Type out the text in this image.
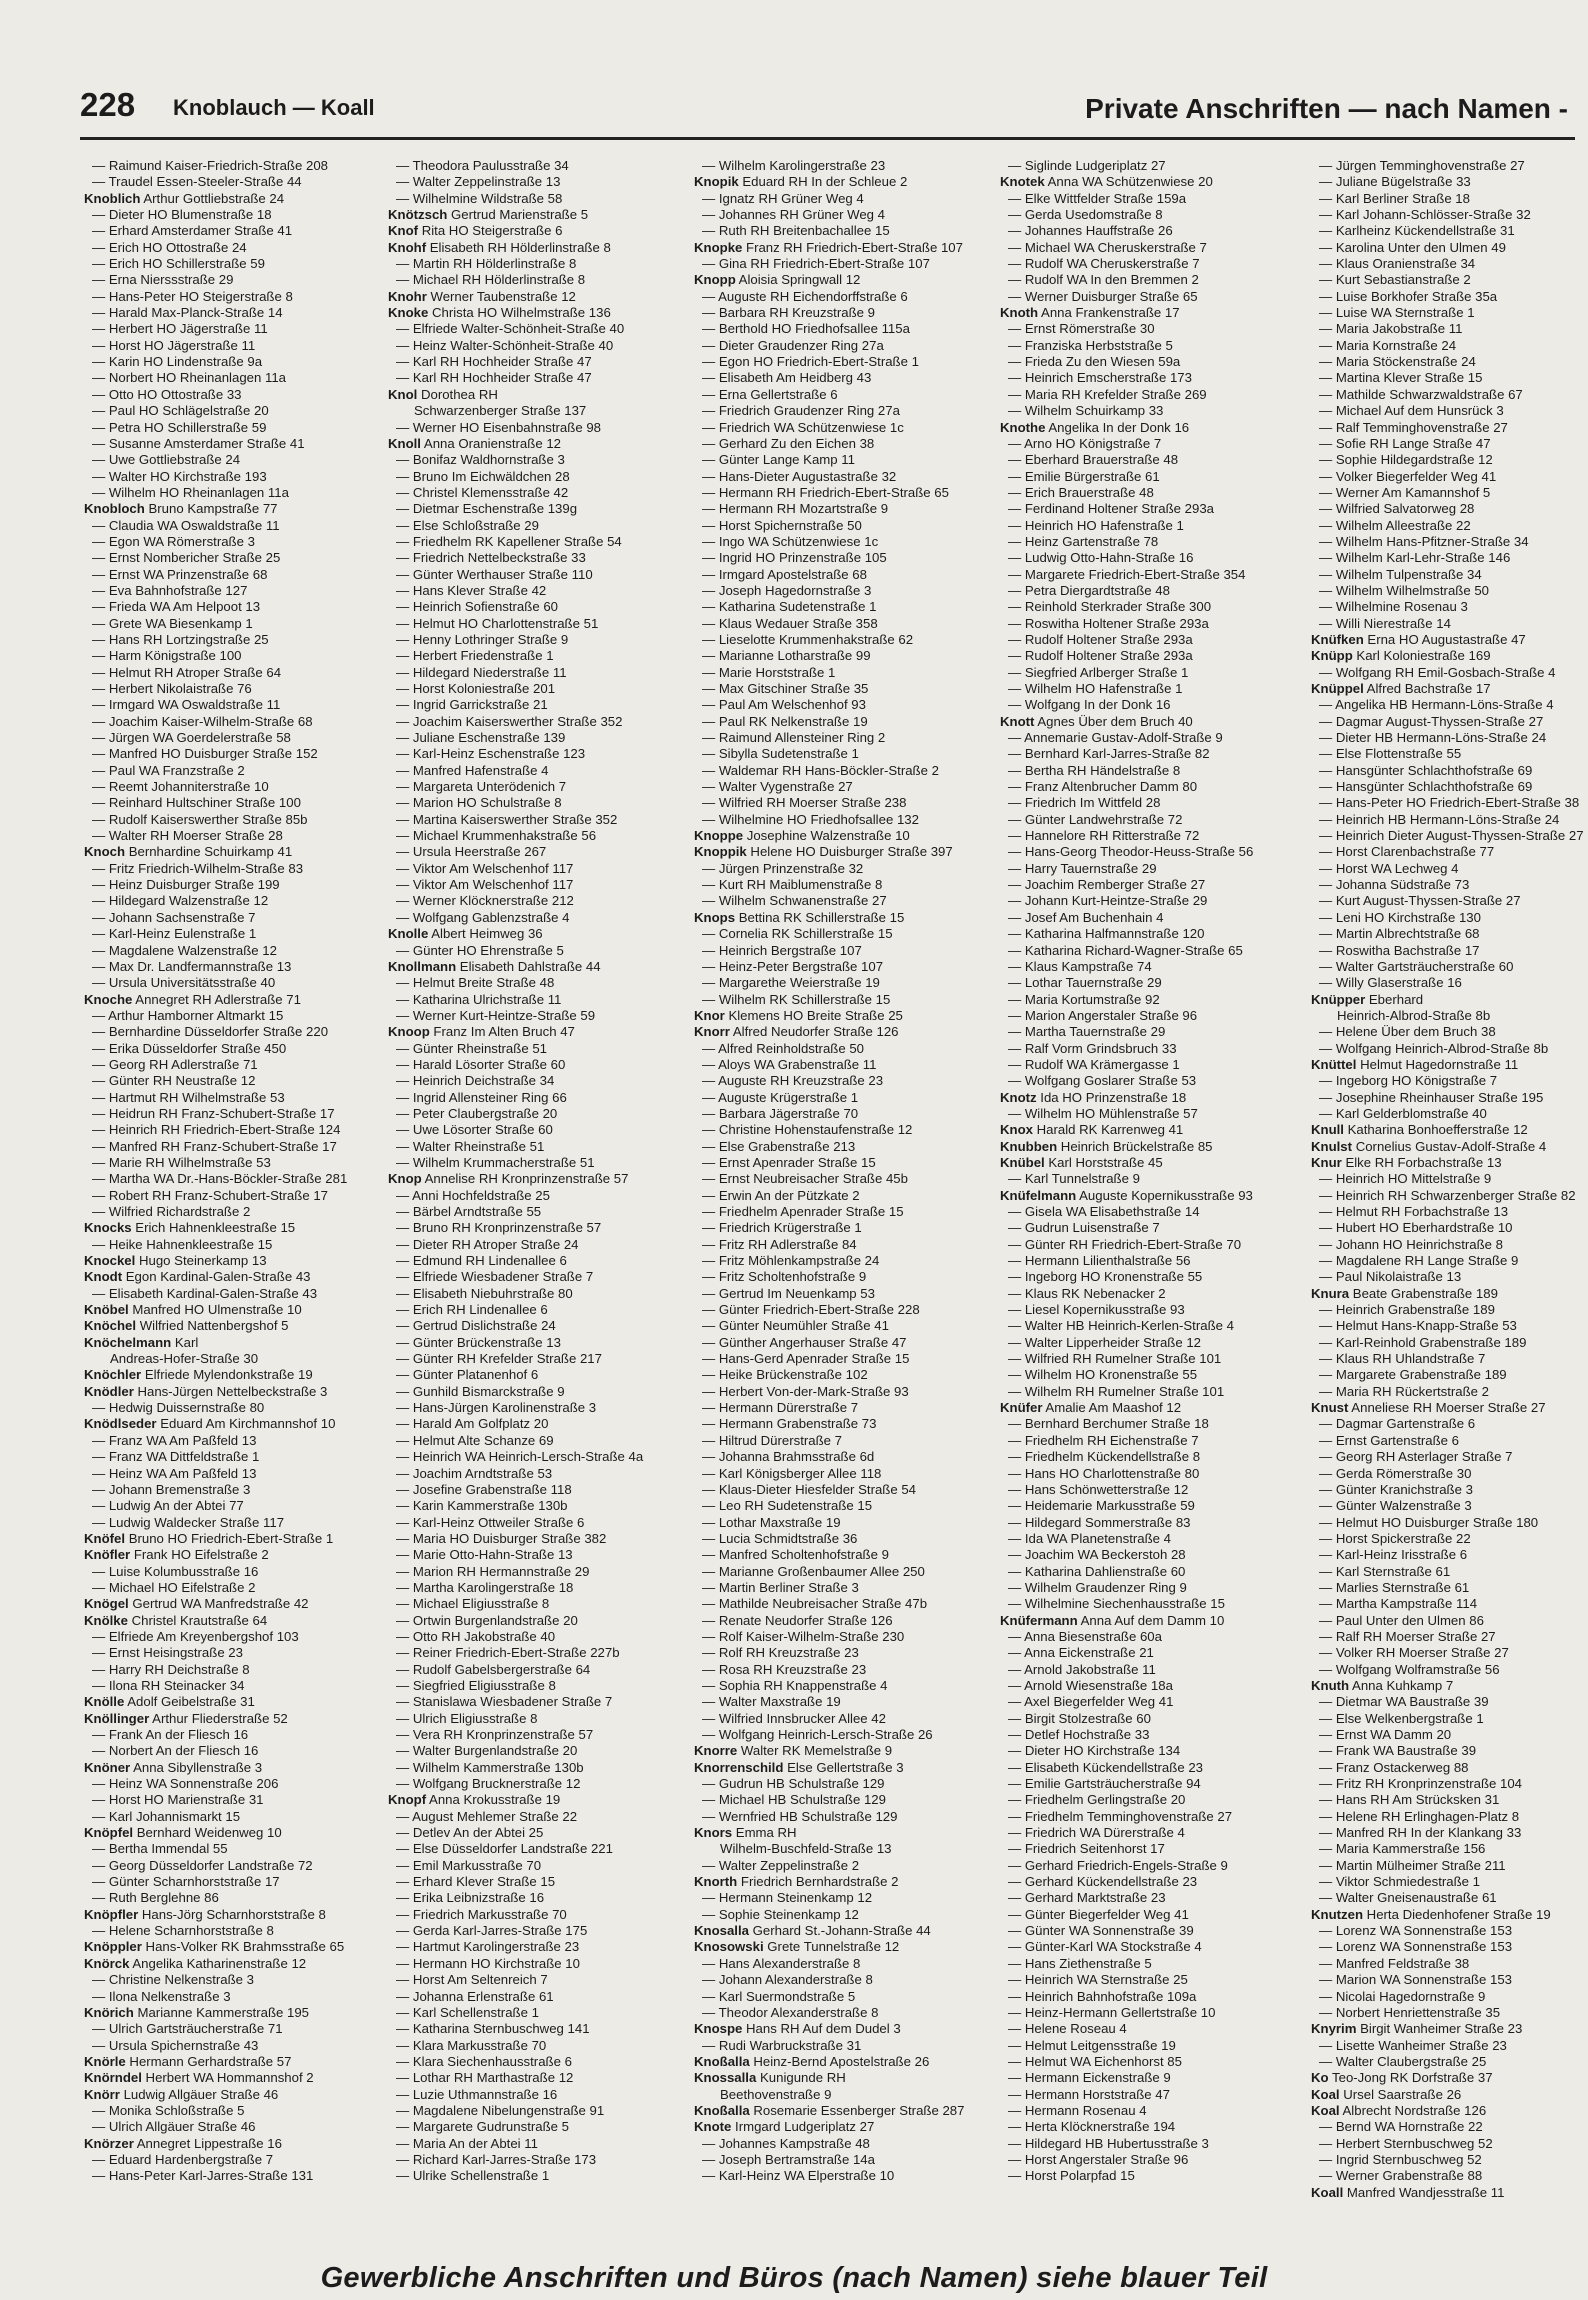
228 Knoblauch — Koall	Private Anschriften — nach Namen -
— Raimund Kaiser-Friedrich-Straße 208
— Traudel Essen-Steeler-Straße 44
Knoblich Arthur Gottliebstraße 24
— Dieter HO Blumenstraße 18
— Erhard Amsterdamer Straße 41
— Erich HO Ottostraße 24
— Erich HO Schillerstraße 59
— Erna Nierssstraße 29
— Hans-Peter HO Steigerstraße 8
— Harald Max-Planck-Straße 14
— Herbert HO Jägerstraße 11
— Horst HO Jägerstraße 11
— Karin HO Lindenstraße 9a
— Norbert HO Rheinanlagen 11a
— Otto HO Ottostraße 33
— Paul HO Schlägelstraße 20
— Petra HO Schillerstraße 59
— Susanne Amsterdamer Straße 41
— Uwe Gottliebstraße 24
— Walter HO Kirchstraße 193
— Wilhelm HO Rheinanlagen 11a
Knobloch Bruno Kampstraße 77
— Claudia WA Oswaldstraße 11
— Egon WA Römerstraße 3
— Ernst Nombericher Straße 25
— Ernst WA Prinzenstraße 68
— Eva Bahnhofstraße 127
— Frieda WA Am Helpoot 13
— Grete WA Biesenkamp 1
— Hans RH Lortzingstraße 25
— Harm Königstraße 100
— Helmut RH Atroper Straße 64
— Herbert Nikolaistraße 76
— Irmgard WA Oswaldstraße 11
— Joachim Kaiser-Wilhelm-Straße 68
— Jürgen WA Goerdelerstraße 58
— Manfred HO Duisburger Straße 152
— Paul WA Franzstraße 2
— Reemt Johanniterstraße 10
— Reinhard Hultschiner Straße 100
— Rudolf Kaiserswerther Straße 85b
— Walter RH Moerser Straße 28
Knoch Bernhardine Schuirkamp 41
— Fritz Friedrich-Wilhelm-Straße 83
— Heinz Duisburger Straße 199
— Hildegard Walzenstraße 12
— Johann Sachsenstraße 7
— Karl-Heinz Eulenstraße 1
— Magdalene Walzenstraße 12
— Max Dr. Landfermannstraße 13
— Ursula Universitätsstraße 40
Knoche Annegret RH Adlerstraße 71
— Arthur Hamborner Altmarkt 15
— Bernhardine Düsseldorfer Straße 220
— Erika Düsseldorfer Straße 450
— Georg RH Adlerstraße 71
— Günter RH Neustraße 12
— Hartmut RH Wilhelmstraße 53
— Heidrun RH Franz-Schubert-Straße 17
— Heinrich RH Friedrich-Ebert-Straße 124
— Manfred RH Franz-Schubert-Straße 17
— Marie RH Wilhelmstraße 53
— Martha WA Dr.-Hans-Böckler-Straße 281
— Robert RH Franz-Schubert-Straße 17
— Wilfried Richardstraße 2
Knocks Erich Hahnenkleestraße 15
— Heike Hahnenkleestraße 15
Knockel Hugo Steinerkamp 13
Knodt Egon Kardinal-Galen-Straße 43
— Elisabeth Kardinal-Galen-Straße 43
Knöbel Manfred HO Ulmenstraße 10
Knöchel Wilfried Nattenbergshof 5
Knöchelmann Karl
Andreas-Hofer-Straße 30
Knöchler Elfriede Mylendonkstraße 19
Knödler Hans-Jürgen Nettelbeckstraße 3
— Hedwig Duissernstraße 80
Knödlseder Eduard Am Kirchmannshof 10
— Franz WA Am Paßfeld 13
— Franz WA Dittfeldstraße 1
— Heinz WA Am Paßfeld 13
— Johann Bremenstraße 3
— Ludwig An der Abtei 77
— Ludwig Waldecker Straße 117
Knöfel Bruno HO Friedrich-Ebert-Straße 1
Knöfler Frank HO Eifelstraße 2
— Luise Kolumbusstraße 16
— Michael HO Eifelstraße 2
Knögel Gertrud WA Manfredstraße 42
Knölke Christel Krautstraße 64
— Elfriede Am Kreyenbergshof 103
— Ernst Heisingstraße 23
— Harry RH Deichstraße 8
— Ilona RH Steinacker 34
Knölle Adolf Geibelstraße 31
Knöllinger Arthur Fliederstraße 52
— Frank An der Fliesch 16
— Norbert An der Fliesch 16
Knöner Anna Sibyllenstraße 3
— Heinz WA Sonnenstraße 206
— Horst HO Marienstraße 31
— Karl Johannismarkt 15
Knöpfel Bernhard Weidenweg 10
— Bertha Immendal 55
— Georg Düsseldorfer Landstraße 72
— Günter Scharnhorststraße 17
— Ruth Berglehne 86
Knöpfler Hans-Jörg Scharnhorststraße 8
— Helene Scharnhorststraße 8
Knöppler Hans-Volker RK Brahmsstraße 65
Knörck Angelika Katharinenstraße 12
— Christine Nelkenstraße 3
— Ilona Nelkenstraße 3
Knörich Marianne Kammerstraße 195
— Ulrich Gartsträucherstraße 71
— Ursula Spichernstraße 43
Knörle Hermann Gerhardstraße 57
Knörndel Herbert WA Hommannshof 2
Knörr Ludwig Allgäuer Straße 46
— Monika Schloßstraße 5
— Ulrich Allgäuer Straße 46
Knörzer Annegret Lippestraße 16
— Eduard Hardenbergstraße 7
— Hans-Peter Karl-Jarres-Straße 131
— Theodora Paulusstraße 34
— Walter Zeppelinstraße 13
— Wilhelmine Wildstraße 58
Knötzsch Gertrud Marienstraße 5
Knof Rita HO Steigerstraße 6
Knohf Elisabeth RH Hölderlinstraße 8
— Martin RH Hölderlinstraße 8
— Michael RH Hölderlinstraße 8
Knohr Werner Taubenstraße 12
Knoke Christa HO Wilhelmstraße 136
— Elfriede Walter-Schönheit-Straße 40
— Heinz Walter-Schönheit-Straße 40
— Karl RH Hochheider Straße 47
— Karl RH Hochheider Straße 47
Knol Dorothea RH
Schwarzenberger Straße 137
— Werner HO Eisenbahnstraße 98
Knoll Anna Oranienstraße 12
— Bonifaz Waldhornstraße 3
— Bruno Im Eichwäldchen 28
— Christel Klemensstraße 42
— Dietmar Eschenstraße 139g
— Else Schloßstraße 29
— Friedhelm RK Kapellener Straße 54
— Friedrich Nettelbeckstraße 33
— Günter Werthauser Straße 110
— Hans Klever Straße 42
— Heinrich Sofienstraße 60
— Helmut HO Charlottenstraße 51
— Henny Lothringer Straße 9
— Herbert Friedenstraße 1
— Hildegard Niederstraße 11
— Horst Koloniestraße 201
— Ingrid Garrickstraße 21
— Joachim Kaiserswerther Straße 352
— Juliane Eschenstraße 139
— Karl-Heinz Eschenstraße 123
— Manfred Hafenstraße 4
— Margareta Unterödenich 7
— Marion HO Schulstraße 8
— Martina Kaiserswerther Straße 352
— Michael Krummenhakstraße 56
— Ursula Heerstraße 267
— Viktor Am Welschenhof 117
— Viktor Am Welschenhof 117
— Werner Klöcknerstraße 212
— Wolfgang Gablenzstraße 4
Knolle Albert Heimweg 36
— Günter HO Ehrenstraße 5
Knollmann Elisabeth Dahlstraße 44
— Helmut Breite Straße 48
— Katharina Ulrichstraße 11
— Werner Kurt-Heintze-Straße 59
Knoop Franz Im Alten Bruch 47
— Günter Rheinstraße 51
— Harald Lösorter Straße 60
— Heinrich Deichstraße 34
— Ingrid Allensteiner Ring 66
— Peter Claubergstraße 20
— Uwe Lösorter Straße 60
— Walter Rheinstraße 51
— Wilhelm Krummacherstraße 51
Knop Annelise RH Kronprinzenstraße 57
— Anni Hochfeldstraße 25
— Bärbel Arndtstraße 55
— Bruno RH Kronprinzenstraße 57
— Dieter RH Atroper Straße 24
— Edmund RH Lindenallee 6
— Elfriede Wiesbadener Straße 7
— Elisabeth Niebuhrstraße 80
— Erich RH Lindenallee 6
— Gertrud Dislichstraße 24
— Günter Brückenstraße 13
— Günter RH Krefelder Straße 217
— Günter Platanenhof 6
— Gunhild Bismarckstraße 9
— Hans-Jürgen Karolinenstraße 3
— Harald Am Golfplatz 20
— Helmut Alte Schanze 69
— Heinrich WA Heinrich-Lersch-Straße 4a
— Joachim Arndtstraße 53
— Josefine Grabenstraße 118
— Karin Kammerstraße 130b
— Karl-Heinz Ottweiler Straße 6
— Maria HO Duisburger Straße 382
— Marie Otto-Hahn-Straße 13
— Marion RH Hermannstraße 29
— Martha Karolingerstraße 18
— Michael Eligiusstraße 8
— Ortwin Burgenlandstraße 20
— Otto RH Jakobstraße 40
— Reiner Friedrich-Ebert-Straße 227b
— Rudolf Gabelsbergerstraße 64
— Siegfried Eligiusstraße 8
— Stanislawa Wiesbadener Straße 7
— Ulrich Eligiusstraße 8
— Vera RH Kronprinzenstraße 57
— Walter Burgenlandstraße 20
— Wilhelm Kammerstraße 130b
— Wolfgang Brucknerstraße 12
Knopf Anna Krokusstraße 19
— August Mehlemer Straße 22
— Detlev An der Abtei 25
— Else Düsseldorfer Landstraße 221
— Emil Markusstraße 70
— Erhard Klever Straße 15
— Erika Leibnizstraße 16
— Friedrich Markusstraße 70
— Gerda Karl-Jarres-Straße 175
— Hartmut Karolingerstraße 23
— Hermann HO Kirchstraße 10
— Horst Am Seltenreich 7
— Johanna Erlenstraße 61
— Karl Schellenstraße 1
— Katharina Sternbuschweg 141
— Klara Markusstraße 70
— Klara Siechenhausstraße 6
— Lothar RH Marthastraße 12
— Luzie Uthmannstraße 16
— Magdalene Nibelungenstraße 91
— Margarete Gudrunstraße 5
— Maria An der Abtei 11
— Richard Karl-Jarres-Straße 173
— Ulrike Schellenstraße 1
— Wilhelm Karolingerstraße 23
Knopik Eduard RH In der Schleue 2
— Ignatz RH Grüner Weg 4
— Johannes RH Grüner Weg 4
— Ruth RH Breitenbachallee 15
Knopke Franz RH Friedrich-Ebert-Straße 107
— Gina RH Friedrich-Ebert-Straße 107
Knopp Aloisia Springwall 12
— Auguste RH Eichendorffstraße 6
— Barbara RH Kreuzstraße 9
— Berthold HO Friedhofsallee 115a
— Dieter Graudenzer Ring 27a
— Egon HO Friedrich-Ebert-Straße 1
— Elisabeth Am Heidberg 43
— Erna Gellertstraße 6
— Friedrich Graudenzer Ring 27a
— Friedrich WA Schützenwiese 1c
— Gerhard Zu den Eichen 38
— Günter Lange Kamp 11
— Hans-Dieter Augustastraße 32
— Hermann RH Friedrich-Ebert-Straße 65
— Hermann RH Mozartstraße 9
— Horst Spichernstraße 50
— Ingo WA Schützenwiese 1c
— Ingrid HO Prinzenstraße 105
— Irmgard Apostelstraße 68
— Joseph Hagedornstraße 3
— Katharina Sudetenstraße 1
— Klaus Wedauer Straße 358
— Lieselotte Krummenhakstraße 62
— Marianne Lotharstraße 99
— Marie Horststraße 1
— Max Gitschiner Straße 35
— Paul Am Welschenhof 93
— Paul RK Nelkenstraße 19
— Raimund Allensteiner Ring 2
— Sibylla Sudetenstraße 1
— Waldemar RH Hans-Böckler-Straße 2
— Walter Vygenstraße 27
— Wilfried RH Moerser Straße 238
— Wilhelmine HO Friedhofsallee 132
Knoppe Josephine Walzenstraße 10
Knoppik Helene HO Duisburger Straße 397
— Jürgen Prinzenstraße 32
— Kurt RH Maiblumenstraße 8
— Wilhelm Schwanenstraße 27
Knops Bettina RK Schillerstraße 15
— Cornelia RK Schillerstraße 15
— Heinrich Bergstraße 107
— Heinz-Peter Bergstraße 107
— Margarethe Weierstraße 19
— Wilhelm RK Schillerstraße 15
Knor Klemens HO Breite Straße 25
Knorr Alfred Neudorfer Straße 126
— Alfred Reinholdstraße 50
— Aloys WA Grabenstraße 11
— Auguste RH Kreuzstraße 23
— Auguste Krügerstraße 1
— Barbara Jägerstraße 70
— Christine Hohenstaufenstraße 12
— Else Grabenstraße 213
— Ernst Apenrader Straße 15
— Ernst Neubreisacher Straße 45b
— Erwin An der Pützkate 2
— Friedhelm Apenrader Straße 15
— Friedrich Krügerstraße 1
— Fritz RH Adlerstraße 84
— Fritz Möhlenkampstraße 24
— Fritz Scholtenhofstraße 9
— Gertrud Im Neuenkamp 53
— Günter Friedrich-Ebert-Straße 228
— Günter Neumühler Straße 41
— Günther Angerhauser Straße 47
— Hans-Gerd Apenrader Straße 15
— Heike Brückenstraße 102
— Herbert Von-der-Mark-Straße 93
— Hermann Dürerstraße 7
— Hermann Grabenstraße 73
— Hiltrud Dürerstraße 7
— Johanna Brahmsstraße 6d
— Karl Königsberger Allee 118
— Klaus-Dieter Hiesfelder Straße 54
— Leo RH Sudetenstraße 15
— Lothar Maxstraße 19
— Lucia Schmidtstraße 36
— Manfred Scholtenhofstraße 9
— Marianne Großenbaumer Allee 250
— Martin Berliner Straße 3
— Mathilde Neubreisacher Straße 47b
— Renate Neudorfer Straße 126
— Rolf Kaiser-Wilhelm-Straße 230
— Rolf RH Kreuzstraße 23
— Rosa RH Kreuzstraße 23
— Sophia RH Knappenstraße 4
— Walter Maxstraße 19
— Wilfried Innsbrucker Allee 42
— Wolfgang Heinrich-Lersch-Straße 26
Knorre Walter RK Memelstraße 9
Knorrenschild Else Gellertstraße 3
— Gudrun HB Schulstraße 129
— Michael HB Schulstraße 129
— Wernfried HB Schulstraße 129
Knors Emma RH
Wilhelm-Buschfeld-Straße 13
— Walter Zeppelinstraße 2
Knorth Friedrich Bernhardstraße 2
— Hermann Steinenkamp 12
— Sophie Steinenkamp 12
Knosalla Gerhard St.-Johann-Straße 44
Knosowski Grete Tunnelstraße 12
— Hans Alexanderstraße 8
— Johann Alexanderstraße 8
— Karl Suermondstraße 5
— Theodor Alexanderstraße 8
Knospe Hans RH Auf dem Dudel 3
— Rudi Warbruckstraße 31
Knoßalla Heinz-Bernd Apostelstraße 26
Knossalla Kunigunde RH
Beethovenstraße 9
Knoßalla Rosemarie Essenberger Straße 287
Knote Irmgard Ludgeriplatz 27
— Johannes Kampstraße 48
— Joseph Bertramstraße 14a
— Karl-Heinz WA Elperstraße 10
— Siglinde Ludgeriplatz 27
Knotek Anna WA Schützenwiese 20
— Elke Wittfelder Straße 159a
— Gerda Usedomstraße 8
— Johannes Hauffstraße 26
— Michael WA Cheruskerstraße 7
— Rudolf WA Cheruskerstraße 7
— Rudolf WA In den Bremmen 2
— Werner Duisburger Straße 65
Knoth Anna Frankenstraße 17
— Ernst Römerstraße 30
— Franziska Herbststraße 5
— Frieda Zu den Wiesen 59a
— Heinrich Emscherstraße 173
— Maria RH Krefelder Straße 269
— Wilhelm Schuirkamp 33
Knothe Angelika In der Donk 16
— Arno HO Königstraße 7
— Eberhard Brauerstraße 48
— Emilie Bürgerstraße 61
— Erich Brauerstraße 48
— Ferdinand Holtener Straße 293a
— Heinrich HO Hafenstraße 1
— Heinz Gartenstraße 78
— Ludwig Otto-Hahn-Straße 16
— Margarete Friedrich-Ebert-Straße 354
— Petra Diergardtstraße 48
— Reinhold Sterkrader Straße 300
— Roswitha Holtener Straße 293a
— Rudolf Holtener Straße 293a
— Rudolf Holtener Straße 293a
— Siegfried Arlberger Straße 1
— Wilhelm HO Hafenstraße 1
— Wolfgang In der Donk 16
Knott Agnes Über dem Bruch 40
— Annemarie Gustav-Adolf-Straße 9
— Bernhard Karl-Jarres-Straße 82
— Bertha RH Händelstraße 8
— Franz Altenbrucher Damm 80
— Friedrich Im Wittfeld 28
— Günter Landwehrstraße 72
— Hannelore RH Ritterstraße 72
— Hans-Georg Theodor-Heuss-Straße 56
— Harry Tauernstraße 29
— Joachim Remberger Straße 27
— Johann Kurt-Heintze-Straße 29
— Josef Am Buchenhain 4
— Katharina Halfmannstraße 120
— Katharina Richard-Wagner-Straße 65
— Klaus Kampstraße 74
— Lothar Tauernstraße 29
— Maria Kortumstraße 92
— Marion Angerstaler Straße 96
— Martha Tauernstraße 29
— Ralf Vorm Grindsbruch 33
— Rudolf WA Krämergasse 1
— Wolfgang Goslarer Straße 53
Knotz Ida HO Prinzenstraße 18
— Wilhelm HO Mühlenstraße 57
Knox Harald RK Karrenweg 41
Knubben Heinrich Brückelstraße 85
Knübel Karl Horststraße 45
— Karl Tunnelstraße 9
Knüfelmann Auguste Kopernikusstraße 93
— Gisela WA Elisabethstraße 14
— Gudrun Luisenstraße 7
— Günter RH Friedrich-Ebert-Straße 70
— Hermann Lilienthalstraße 56
— Ingeborg HO Kronenstraße 55
— Klaus RK Nebenacker 2
— Liesel Kopernikusstraße 93
— Walter HB Heinrich-Kerlen-Straße 4
— Walter Lipperheider Straße 12
— Wilfried RH Rumelner Straße 101
— Wilhelm HO Kronenstraße 55
— Wilhelm RH Rumelner Straße 101
Knüfer Amalie Am Maashof 12
— Bernhard Berchumer Straße 18
— Friedhelm RH Eichenstraße 7
— Friedhelm Kückendellstraße 8
— Hans HO Charlottenstraße 80
— Hans Schönwetterstraße 12
— Heidemarie Markusstraße 59
— Hildegard Sommerstraße 83
— Ida WA Planetenstraße 4
— Joachim WA Beckerstoh 28
— Katharina Dahlienstraße 60
— Wilhelm Graudenzer Ring 9
— Wilhelmine Siechenhausstraße 15
Knüfermann Anna Auf dem Damm 10
— Anna Biesenstraße 60a
— Anna Eickenstraße 21
— Arnold Jakobstraße 11
— Arnold Wiesenstraße 18a
— Axel Biegerfelder Weg 41
— Birgit Stolzestraße 60
— Detlef Hochstraße 33
— Dieter HO Kirchstraße 134
— Elisabeth Kückendellstraße 23
— Emilie Gartsträucherstraße 94
— Friedhelm Gerlingstraße 20
— Friedhelm Temminghovenstraße 27
— Friedrich WA Dürerstraße 4
— Friedrich Seitenhorst 17
— Gerhard Friedrich-Engels-Straße 9
— Gerhard Kückendellstraße 23
— Gerhard Marktstraße 23
— Günter Biegerfelder Weg 41
— Günter WA Sonnenstraße 39
— Günter-Karl WA Stockstraße 4
— Hans Ziethenstraße 5
— Heinrich WA Sternstraße 25
— Heinrich Bahnhofstraße 109a
— Heinz-Hermann Gellertstraße 10
— Helene Roseau 4
— Helmut Leitgensstraße 19
— Helmut WA Eichenhorst 85
— Hermann Eickenstraße 9
— Hermann Horststraße 47
— Hermann Rosenau 4
— Herta Klöcknerstraße 194
— Hildegard HB Hubertusstraße 3
— Horst Angerstaler Straße 96
— Horst Polarpfad 15
— Jürgen Temminghovenstraße 27
— Juliane Bügelstraße 33
— Karl Berliner Straße 18
— Karl Johann-Schlösser-Straße 32
— Karlheinz Kückendellstraße 31
— Karolina Unter den Ulmen 49
— Klaus Oranienstraße 34
— Kurt Sebastianstraße 2
— Luise Borkhofer Straße 35a
— Luise WA Sternstraße 1
— Maria Jakobstraße 11
— Maria Kornstraße 24
— Maria Stöckenstraße 24
— Martina Klever Straße 15
— Mathilde Schwarzwaldstraße 67
— Michael Auf dem Hunsrück 3
— Ralf Temminghovenstraße 27
— Sofie RH Lange Straße 47
— Sophie Hildegardstraße 12
— Volker Biegerfelder Weg 41
— Werner Am Kamannshof 5
— Wilfried Salvatorweg 28
— Wilhelm Alleestraße 22
— Wilhelm Hans-Pfitzner-Straße 34
— Wilhelm Karl-Lehr-Straße 146
— Wilhelm Tulpenstraße 34
— Wilhelm Wilhelmstraße 50
— Wilhelmine Rosenau 3
— Willi Nierestraße 14
Knüfken Erna HO Augustastraße 47
Knüpp Karl Koloniestraße 169
— Wolfgang RH Emil-Gosbach-Straße 4
Knüppel Alfred Bachstraße 17
— Angelika HB Hermann-Löns-Straße 4
— Dagmar August-Thyssen-Straße 27
— Dieter HB Hermann-Löns-Straße 24
— Else Flottenstraße 55
— Hansgünter Schlachthofstraße 69
— Hansgünter Schlachthofstraße 69
— Hans-Peter HO Friedrich-Ebert-Straße 38
— Heinrich HB Hermann-Löns-Straße 24
— Heinrich Dieter August-Thyssen-Straße 27
— Horst Clarenbachstraße 77
— Horst WA Lechweg 4
— Johanna Südstraße 73
— Kurt August-Thyssen-Straße 27
— Leni HO Kirchstraße 130
— Martin Albrechtstraße 68
— Roswitha Bachstraße 17
— Walter Gartsträucherstraße 60
— Willy Glaserstraße 16
Knüpper Eberhard
Heinrich-Albrod-Straße 8b
— Helene Über dem Bruch 38
— Wolfgang Heinrich-Albrod-Straße 8b
Knüttel Helmut Hagedornstraße 11
— Ingeborg HO Königstraße 7
— Josephine Rheinhauser Straße 195
— Karl Gelderblomstraße 40
Knull Katharina Bonhoefferstraße 12
Knulst Cornelius Gustav-Adolf-Straße 4
Knur Elke RH Forbachstraße 13
— Heinrich HO Mittelstraße 9
— Heinrich RH Schwarzenberger Straße 82
— Helmut RH Forbachstraße 13
— Hubert HO Eberhardstraße 10
— Johann HO Heinrichstraße 8
— Magdalene RH Lange Straße 9
— Paul Nikolaistraße 13
Knura Beate Grabenstraße 189
— Heinrich Grabenstraße 189
— Helmut Hans-Knapp-Straße 53
— Karl-Reinhold Grabenstraße 189
— Klaus RH Uhlandstraße 7
— Margarete Grabenstraße 189
— Maria RH Rückertstraße 2
Knust Anneliese RH Moerser Straße 27
— Dagmar Gartenstraße 6
— Ernst Gartenstraße 6
— Georg RH Asterlager Straße 7
— Gerda Römerstraße 30
— Günter Kranichstraße 3
— Günter Walzenstraße 3
— Helmut HO Duisburger Straße 180
— Horst Spickerstraße 22
— Karl-Heinz Irisstraße 6
— Karl Sternstraße 61
— Marlies Sternstraße 61
— Martha Kampstraße 114
— Paul Unter den Ulmen 86
— Ralf RH Moerser Straße 27
— Volker RH Moerser Straße 27
— Wolfgang Wolframstraße 56
Knuth Anna Kuhkamp 7
— Dietmar WA Baustraße 39
— Else Welkenbergstraße 1
— Ernst WA Damm 20
— Frank WA Baustraße 39
— Franz Ostackerweg 88
— Fritz RH Kronprinzenstraße 104
— Hans RH Am Strücksken 31
— Helene RH Erlinghagen-Platz 8
— Manfred RH In der Klankang 33
— Maria Kammerstraße 156
— Martin Mülheimer Straße 211
— Viktor Schmiedestraße 1
— Walter Gneisenaustraße 61
Knutzen Herta Diedenhofener Straße 19
— Lorenz WA Sonnenstraße 153
— Lorenz WA Sonnenstraße 153
— Manfred Feldstraße 38
— Marion WA Sonnenstraße 153
— Nicolai Hagedornstraße 9
— Norbert Henriettenstraße 35
Knyrim Birgit Wanheimer Straße 23
— Lisette Wanheimer Straße 23
— Walter Claubergstraße 25
Ko Teo-Jong RK Dorfstraße 37
Koal Ursel Saarstraße 26
Koal Albrecht Nordstraße 126
— Bernd WA Hornstraße 22
— Herbert Sternbuschweg 52
— Ingrid Sternbuschweg 52
— Werner Grabenstraße 88
Koall Manfred Wandjesstraße 11
Gewerbliche Anschriften und Büros (nach Namen) siehe blauer Teil
